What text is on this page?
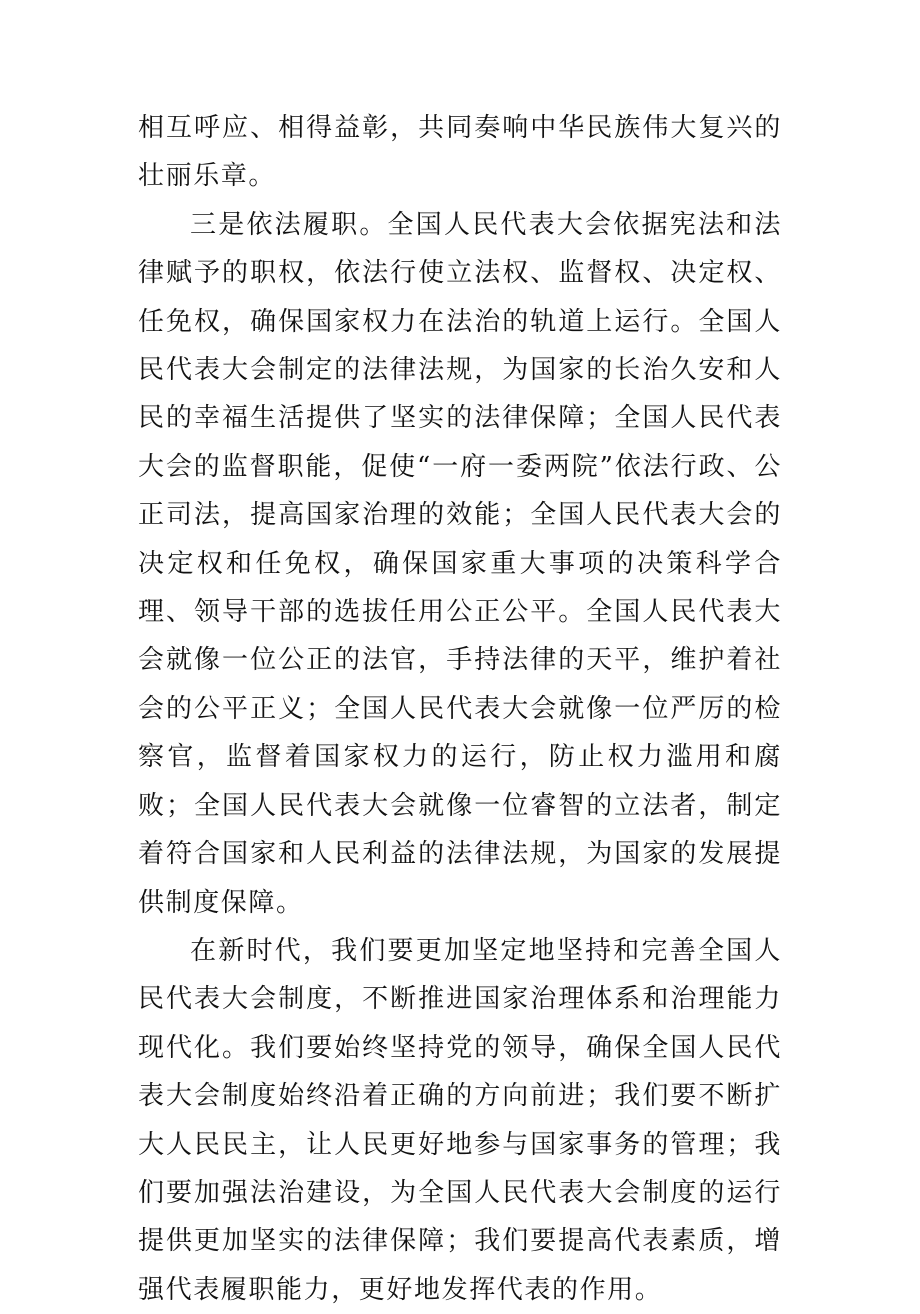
相互呼应、相得益彰，共同奏响中华民族伟大复兴的壮丽乐章。

三是依法履职。全国人民代表大会依据宪法和法律赋予的职权，依法行使立法权、监督权、决定权、任免权，确保国家权力在法治的轨道上运行。全国人民代表大会制定的法律法规，为国家的长治久安和人民的幸福生活提供了坚实的法律保障；全国人民代表大会的监督职能，促使“一府一委两院”依法行政、公正司法，提高国家治理的效能；全国人民代表大会的决定权和任免权，确保国家重大事项的决策科学合理、领导干部的选拔任用公正公平。全国人民代表大会就像一位公正的法官，手持法律的天平，维护着社会的公平正义；全国人民代表大会就像一位严厉的检察官，监督着国家权力的运行，防止权力滥用和腐败；全国人民代表大会就像一位睿智的立法者，制定着符合国家和人民利益的法律法规，为国家的发展提供制度保障。

在新时代，我们要更加坚定地坚持和完善全国人民代表大会制度，不断推进国家治理体系和治理能力现代化。我们要始终坚持党的领导，确保全国人民代表大会制度始终沿着正确的方向前进；我们要不断扩大人民民主，让人民更好地参与国家事务的管理；我们要加强法治建设，为全国人民代表大会制度的运行提供更加坚实的法律保障；我们要提高代表素质，增强代表履职能力，更好地发挥代表的作用。
